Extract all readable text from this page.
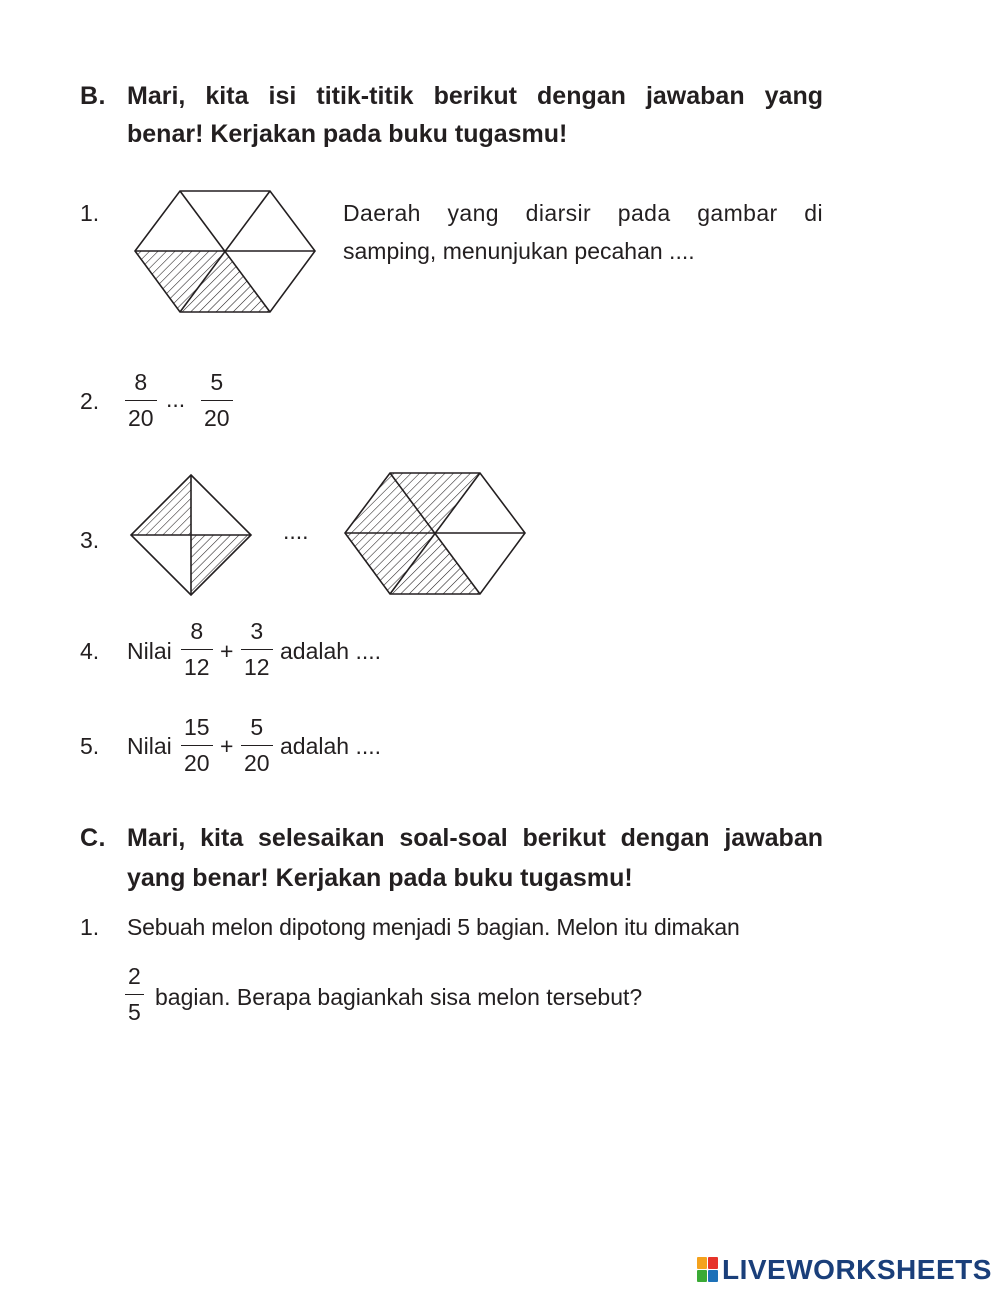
B. Mari, kita isi titik-titik berikut dengan jawaban yang
benar! Kerjakan pada buku tugasmu!
1.	Daerah yang diarsir pada gambar di
samping, menunjukan pecahan ....
2. $\frac{8}{20}$ ... $\frac{5}{20}$
3.	....
4. Nilai $\frac{8}{12} + \frac{3}{12}$ adalah ....
5. Nilai $\frac{15}{20} + \frac{5}{20}$ adalah ....
C. Mari, kita selesaikan soal-soal berikut dengan jawaban
yang benar! Kerjakan pada buku tugasmu!
1. Sebuah melon dipotong menjadi 5 bagian. Melon itu dimakan
$\frac{2}{5}$ bagian. Berapa bagiankah sisa melon tersebut?
LIVEWORKSHEETS
